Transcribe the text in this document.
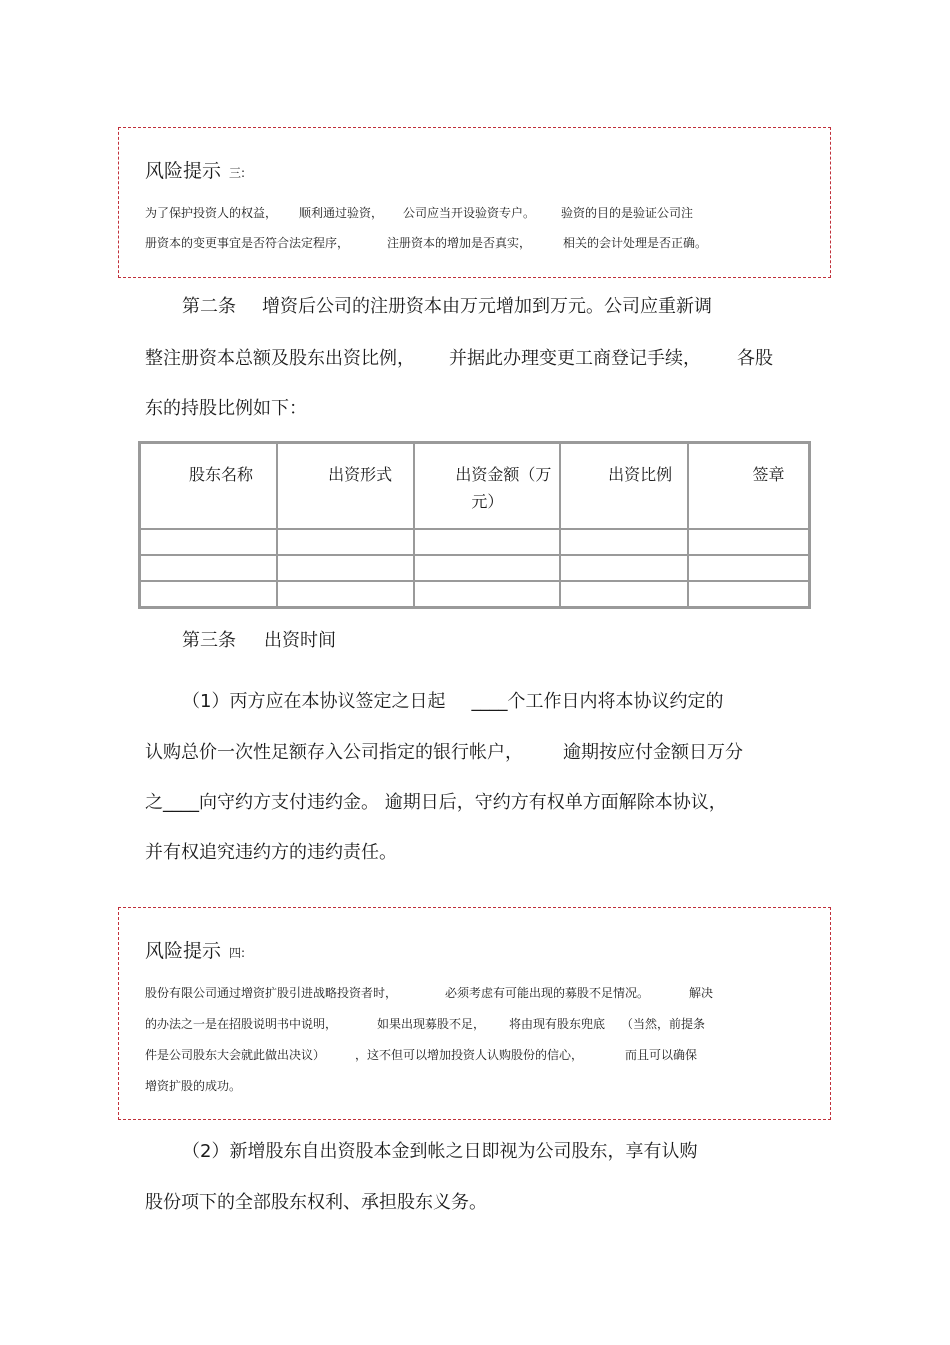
风险提示 三:
为了保护投资人的权益， 顺利通过验资， 公司应当开设验资专户。 验资的目的是验证公司注
册资本的变更事宜是否符合法定程序，	注册资本的增加是否真实，	相关的会计处理是否正确。
第二条 增资后公司的注册资本由万元增加到万元。公司应重新调
整注册资本总额及股东出资比例， 并据此办理变更工商登记手续， 各股
东的持股比例如下：
股东名称	出资形式	出资金额（万
元）	出资比例	签章

第三条 出资时间
（1）丙方应在本协议签定之日起 ____个工作日内将本协议约定的
认购总价一次性足额存入公司指定的银行帐户， 逾期按应付金额日万分
之____向守约方支付违约金。 逾期日后，守约方有权单方面解除本协议，
并有权追究违约方的违约责任。
风险提示 四:
股份有限公司通过增资扩股引进战略投资者时，	必须考虑有可能出现的募股不足情况。	解决
的办法之一是在招股说明书中说明，	如果出现募股不足， 将由现有股东兜底 （当然，前提条
件是公司股东大会就此做出决议）	，这不但可以增加投资人认购股份的信心，	而且可以确保
增资扩股的成功。
（2）新增股东自出资股本金到帐之日即视为公司股东，享有认购
股份项下的全部股东权利、承担股东义务。
